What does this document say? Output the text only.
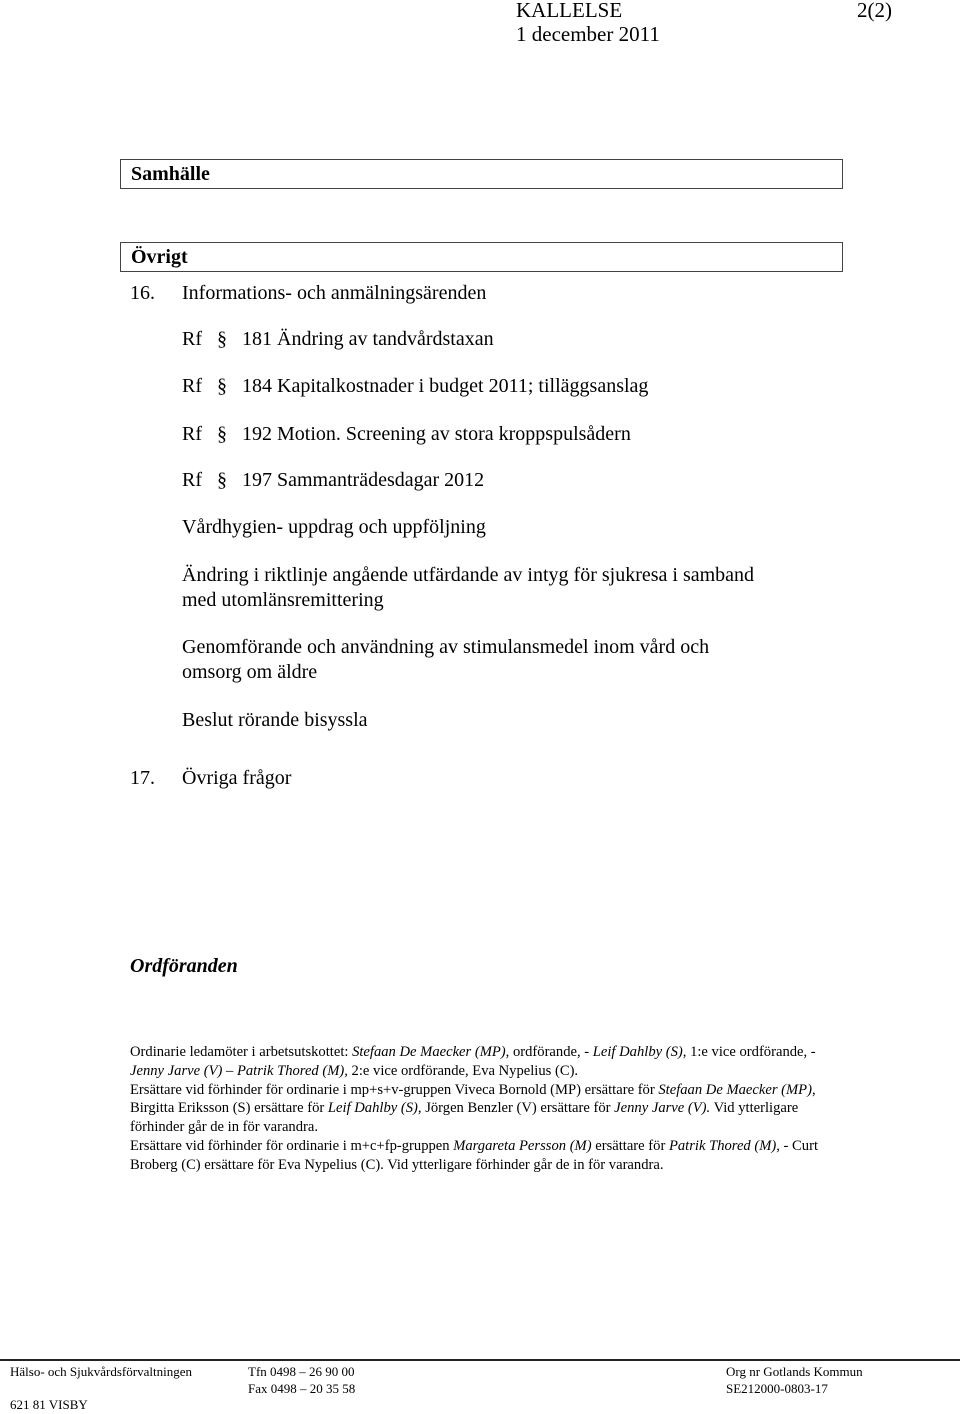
KALLELSE	2(2)
1 december 2011
Samhälle
Övrigt
16. Informations- och anmälningsärenden
Rf § 181 Ändring av tandvårdstaxan
Rf § 184 Kapitalkostnader i budget 2011; tilläggsanslag
Rf § 192 Motion. Screening av stora kroppspulsådern
Rf § 197 Sammanträdesdagar 2012
Vårdhygien- uppdrag och uppföljning
Ändring i riktlinje angående utfärdande av intyg för sjukresa i samband
med utomlänsremittering
Genomförande och användning av stimulansmedel inom vård och
omsorg om äldre
Beslut rörande bisyssla
17. Övriga frågor
Ordföranden

Ordinarie ledamöter i arbetsutskottet: Stefaan De Maecker (MP), ordförande, - Leif Dahlby (S), 1:e vice ordförande, - Jenny Jarve (V) – Patrik Thored (M), 2:e vice ordförande, Eva Nypelius (C).

Ersättare vid förhinder för ordinarie i mp+s+v-gruppen Viveca Bornold (MP) ersättare för Stefaan De Maecker (MP), Birgitta Eriksson (S) ersättare för Leif Dahlby (S), Jörgen Benzler (V) ersättare för Jenny Jarve (V). Vid ytterligare förhinder går de in för varandra.

Ersättare vid förhinder för ordinarie i m+c+fp-gruppen Margareta Persson (M) ersättare för Patrik Thored (M), - Curt Broberg (C) ersättare för Eva Nypelius (C). Vid ytterligare förhinder går de in för varandra.

Hälso- och Sjukvårdsförvaltningen
621 81 VISBY
Tfn 0498 – 26 90 00
Fax 0498 – 20 35 58
Org nr Gotlands Kommun
SE212000-0803-17
